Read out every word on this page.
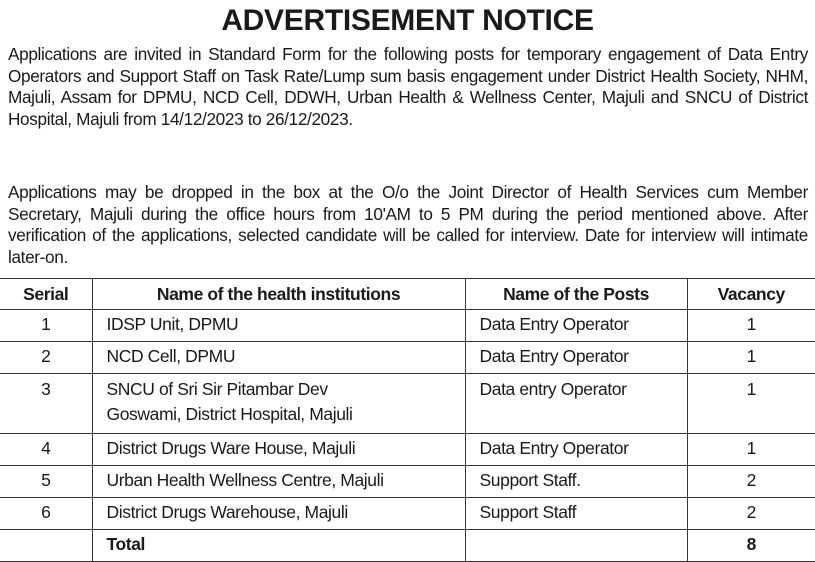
ADVERTISEMENT NOTICE
Applications are invited in Standard Form for the following posts for temporary engagement of Data Entry Operators and Support Staff on Task Rate/Lump sum basis engagement under District Health Society, NHM, Majuli, Assam for DPMU, NCD Cell, DDWH, Urban Health & Wellness Center, Majuli and SNCU of District Hospital, Majuli from 14/12/2023 to 26/12/2023.
Applications may be dropped in the box at the O/o the Joint Director of Health Services cum Member Secretary, Majuli during the office hours from 10'AM to 5 PM during the period mentioned above. After verification of the applications, selected candidate will be called for interview. Date for interview will intimate later-on.
Serial	Name of the health institutions	Name of the Posts	Vacancy
1	IDSP Unit, DPMU	Data Entry Operator	1
2	NCD Cell, DPMU	Data Entry Operator	1
3	SNCU of Sri Sir Pitambar Dev Goswami, District Hospital, Majuli	Data entry Operator	1
4	District Drugs Ware House, Majuli	Data Entry Operator	1
5	Urban Health Wellness Centre, Majuli	Support Staff.	2
6	District Drugs Warehouse, Majuli	Support Staff	2
	Total		8
